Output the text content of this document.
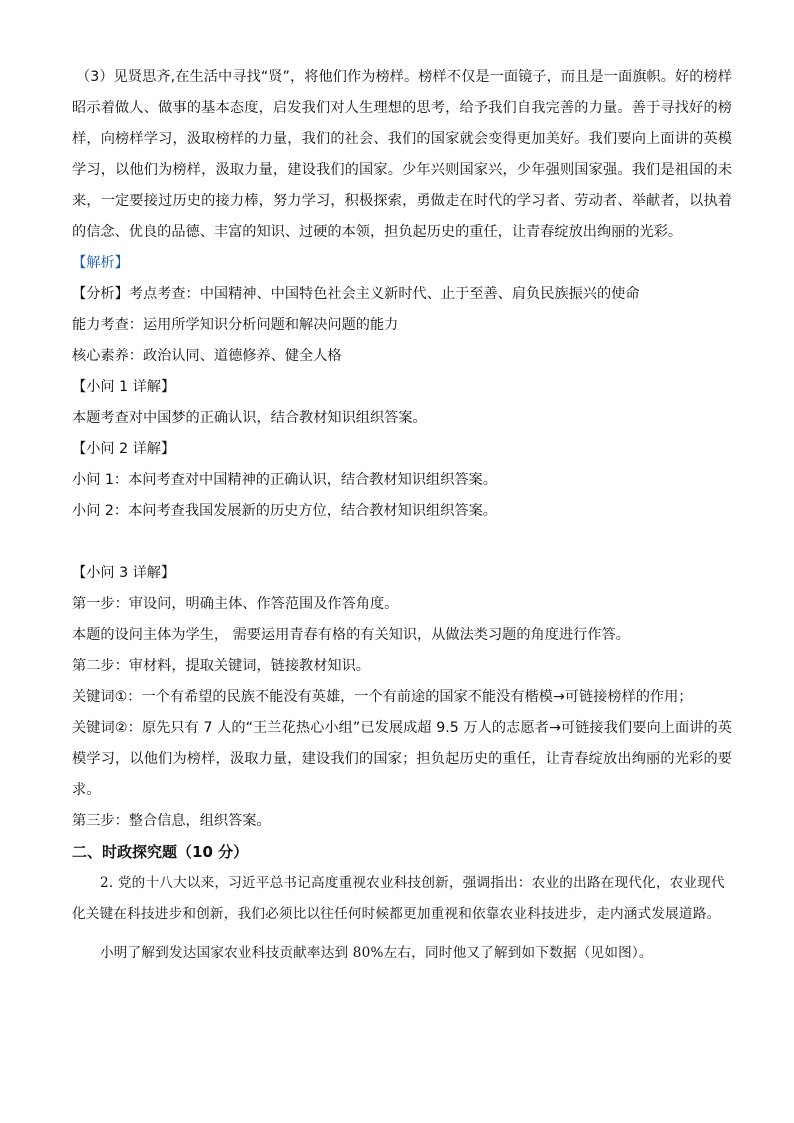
（3）见贤思齐,在生活中寻找“贤”，将他们作为榜样。榜样不仅是一面镜子，而且是一面旗帜。好的榜样昭示着做人、做事的基本态度，启发我们对人生理想的思考，给予我们自我完善的力量。善于寻找好的榜样，向榜样学习，汲取榜样的力量，我们的社会、我们的国家就会变得更加美好。我们要向上面讲的英模学习，以他们为榜样，汲取力量，建设我们的国家。少年兴则国家兴，少年强则国家强。我们是祖国的未来，一定要接过历史的接力棒，努力学习，积极探索，勇做走在时代的学习者、劳动者、举献者，以执着的信念、优良的品德、丰富的知识、过硬的本领，担负起历史的重任，让青春绽放出绚丽的光彩。

【解析】

【分析】考点考查：中国精神、中国特色社会主义新时代、止于至善、肩负民族振兴的使命

能力考查：运用所学知识分析问题和解决问题的能力

核心素养：政治认同、道德修养、健全人格

【小问 1 详解】

本题考查对中国梦的正确认识，结合教材知识组织答案。

【小问 2 详解】

小问 1：本问考查对中国精神的正确认识，结合教材知识组织答案。

小问 2：本问考查我国发展新的历史方位，结合教材知识组织答案。

【小问 3 详解】

第一步：审设问，明确主体、作答范围及作答角度。

本题的设问主体为学生， 需要运用青春有格的有关知识，从做法类习题的角度进行作答。

第二步：审材料，提取关键词，链接教材知识。

关键词①：一个有希望的民族不能没有英雄，一个有前途的国家不能没有楷模→可链接榜样的作用；

关键词②：原先只有 7 人的“王兰花热心小组”已发展成超 9.5 万人的志愿者→可链接我们要向上面讲的英模学习，以他们为榜样，汲取力量，建设我们的国家；担负起历史的重任，让青春绽放出绚丽的光彩的要求。

第三步：整合信息，组织答案。

二、时政探究题（10 分）

2. 党的十八大以来，习近平总书记高度重视农业科技创新，强调指出：农业的出路在现代化，农业现代化关键在科技进步和创新，我们必须比以往任何时候都更加重视和依靠农业科技进步，走内涵式发展道路。

小明了解到发达国家农业科技贡献率达到 80%左右，同时他又了解到如下数据（见如图）。
